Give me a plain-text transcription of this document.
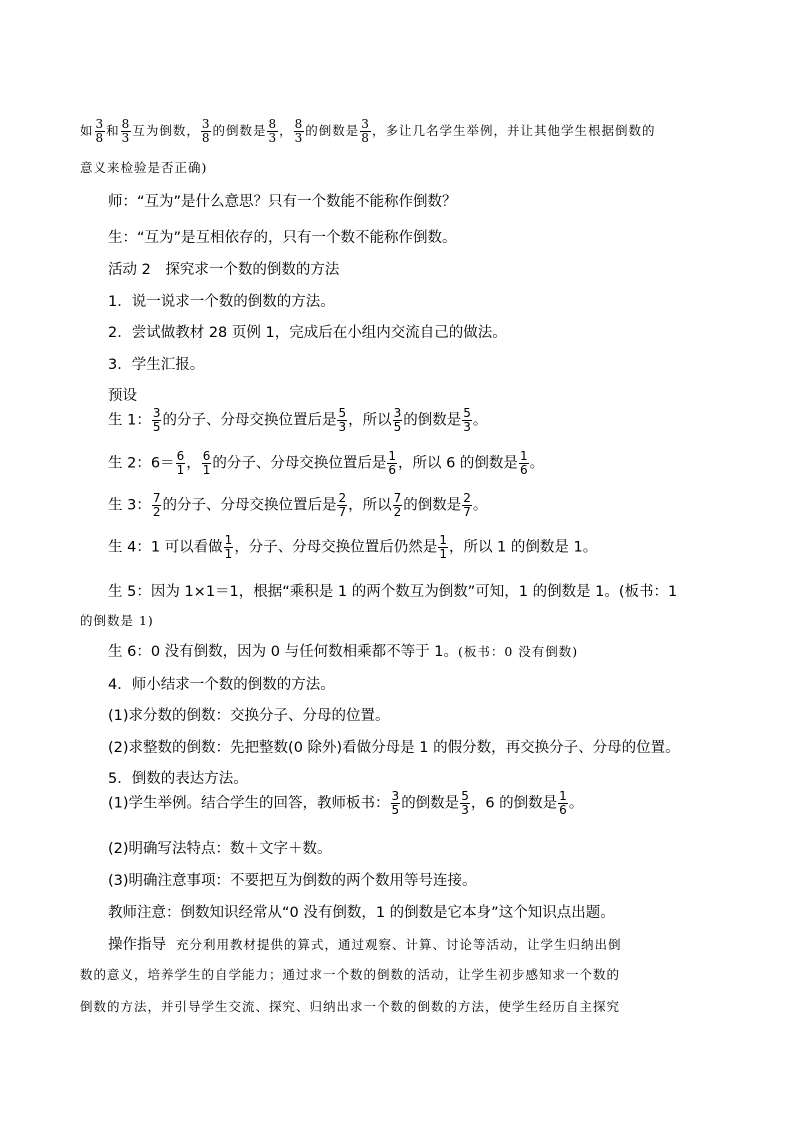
如 $\frac{3}{8}$ 和 $\frac{8}{3}$ 互为倒数， $\frac{3}{8}$ 的倒数是 $\frac{8}{3}$ ， $\frac{8}{3}$ 的倒数是 $\frac{3}{8}$ ，多让几名学生举例，并让其他学生根据倒数的
意义来检验是否正确)
师：“互为”是什么意思？只有一个数能不能称作倒数？
生：“互为”是互相依存的，只有一个数不能称作倒数。
活动 2　探究求一个数的倒数的方法
1．说一说求一个数的倒数的方法。
2．尝试做教材 28 页例 1，完成后在小组内交流自己的做法。
3．学生汇报。
预设
生 1： $\frac{3}{5}$ 的分子、分母交换位置后是 $\frac{5}{3}$ ，所以 $\frac{3}{5}$ 的倒数是 $\frac{5}{3}$ 。
生 2：$6= \frac{6}{1}$ ， $\frac{6}{1}$ 的分子、分母交换位置后是 $\frac{1}{6}$ ，所以 6 的倒数是 $\frac{1}{6}$ 。
生 3： $\frac{7}{2}$ 的分子、分母交换位置后是 $\frac{2}{7}$ ，所以 $\frac{7}{2}$ 的倒数是 $\frac{2}{7}$ 。
生 4：1 可以看做 $\frac{1}{1}$ ，分子、分母交换位置后仍然是 $\frac{1}{1}$ ，所以 1 的倒数是 1。
生 5：因为 1×1＝1，根据“乘积是 1 的两个数互为倒数”可知，1 的倒数是 1。(板书：1
的倒数是 1)
生 6：0 没有倒数，因为 0 与任何数相乘都不等于 1。(板书：0 没有倒数)
4．师小结求一个数的倒数的方法。
(1)求分数的倒数：交换分子、分母的位置。
(2)求整数的倒数：先把整数(0 除外)看做分母是 1 的假分数，再交换分子、分母的位置。
5．倒数的表达方法。
(1)学生举例。结合学生的回答，教师板书： $\frac{3}{5}$ 的倒数是 $\frac{5}{3}$ ，6 的倒数是 $\frac{1}{6}$ 。
(2)明确写法特点：数＋文字＋数。
(3)明确注意事项：不要把互为倒数的两个数用等号连接。
教师注意：倒数知识经常从“0 没有倒数，1 的倒数是它本身”这个知识点出题。
操作指导 充分利用教材提供的算式，通过观察、计算、讨论等活动，让学生归纳出倒
数的意义，培养学生的自学能力；通过求一个数的倒数的活动，让学生初步感知求一个数的
倒数的方法，并引导学生交流、探究、归纳出求一个数的倒数的方法，使学生经历自主探究
